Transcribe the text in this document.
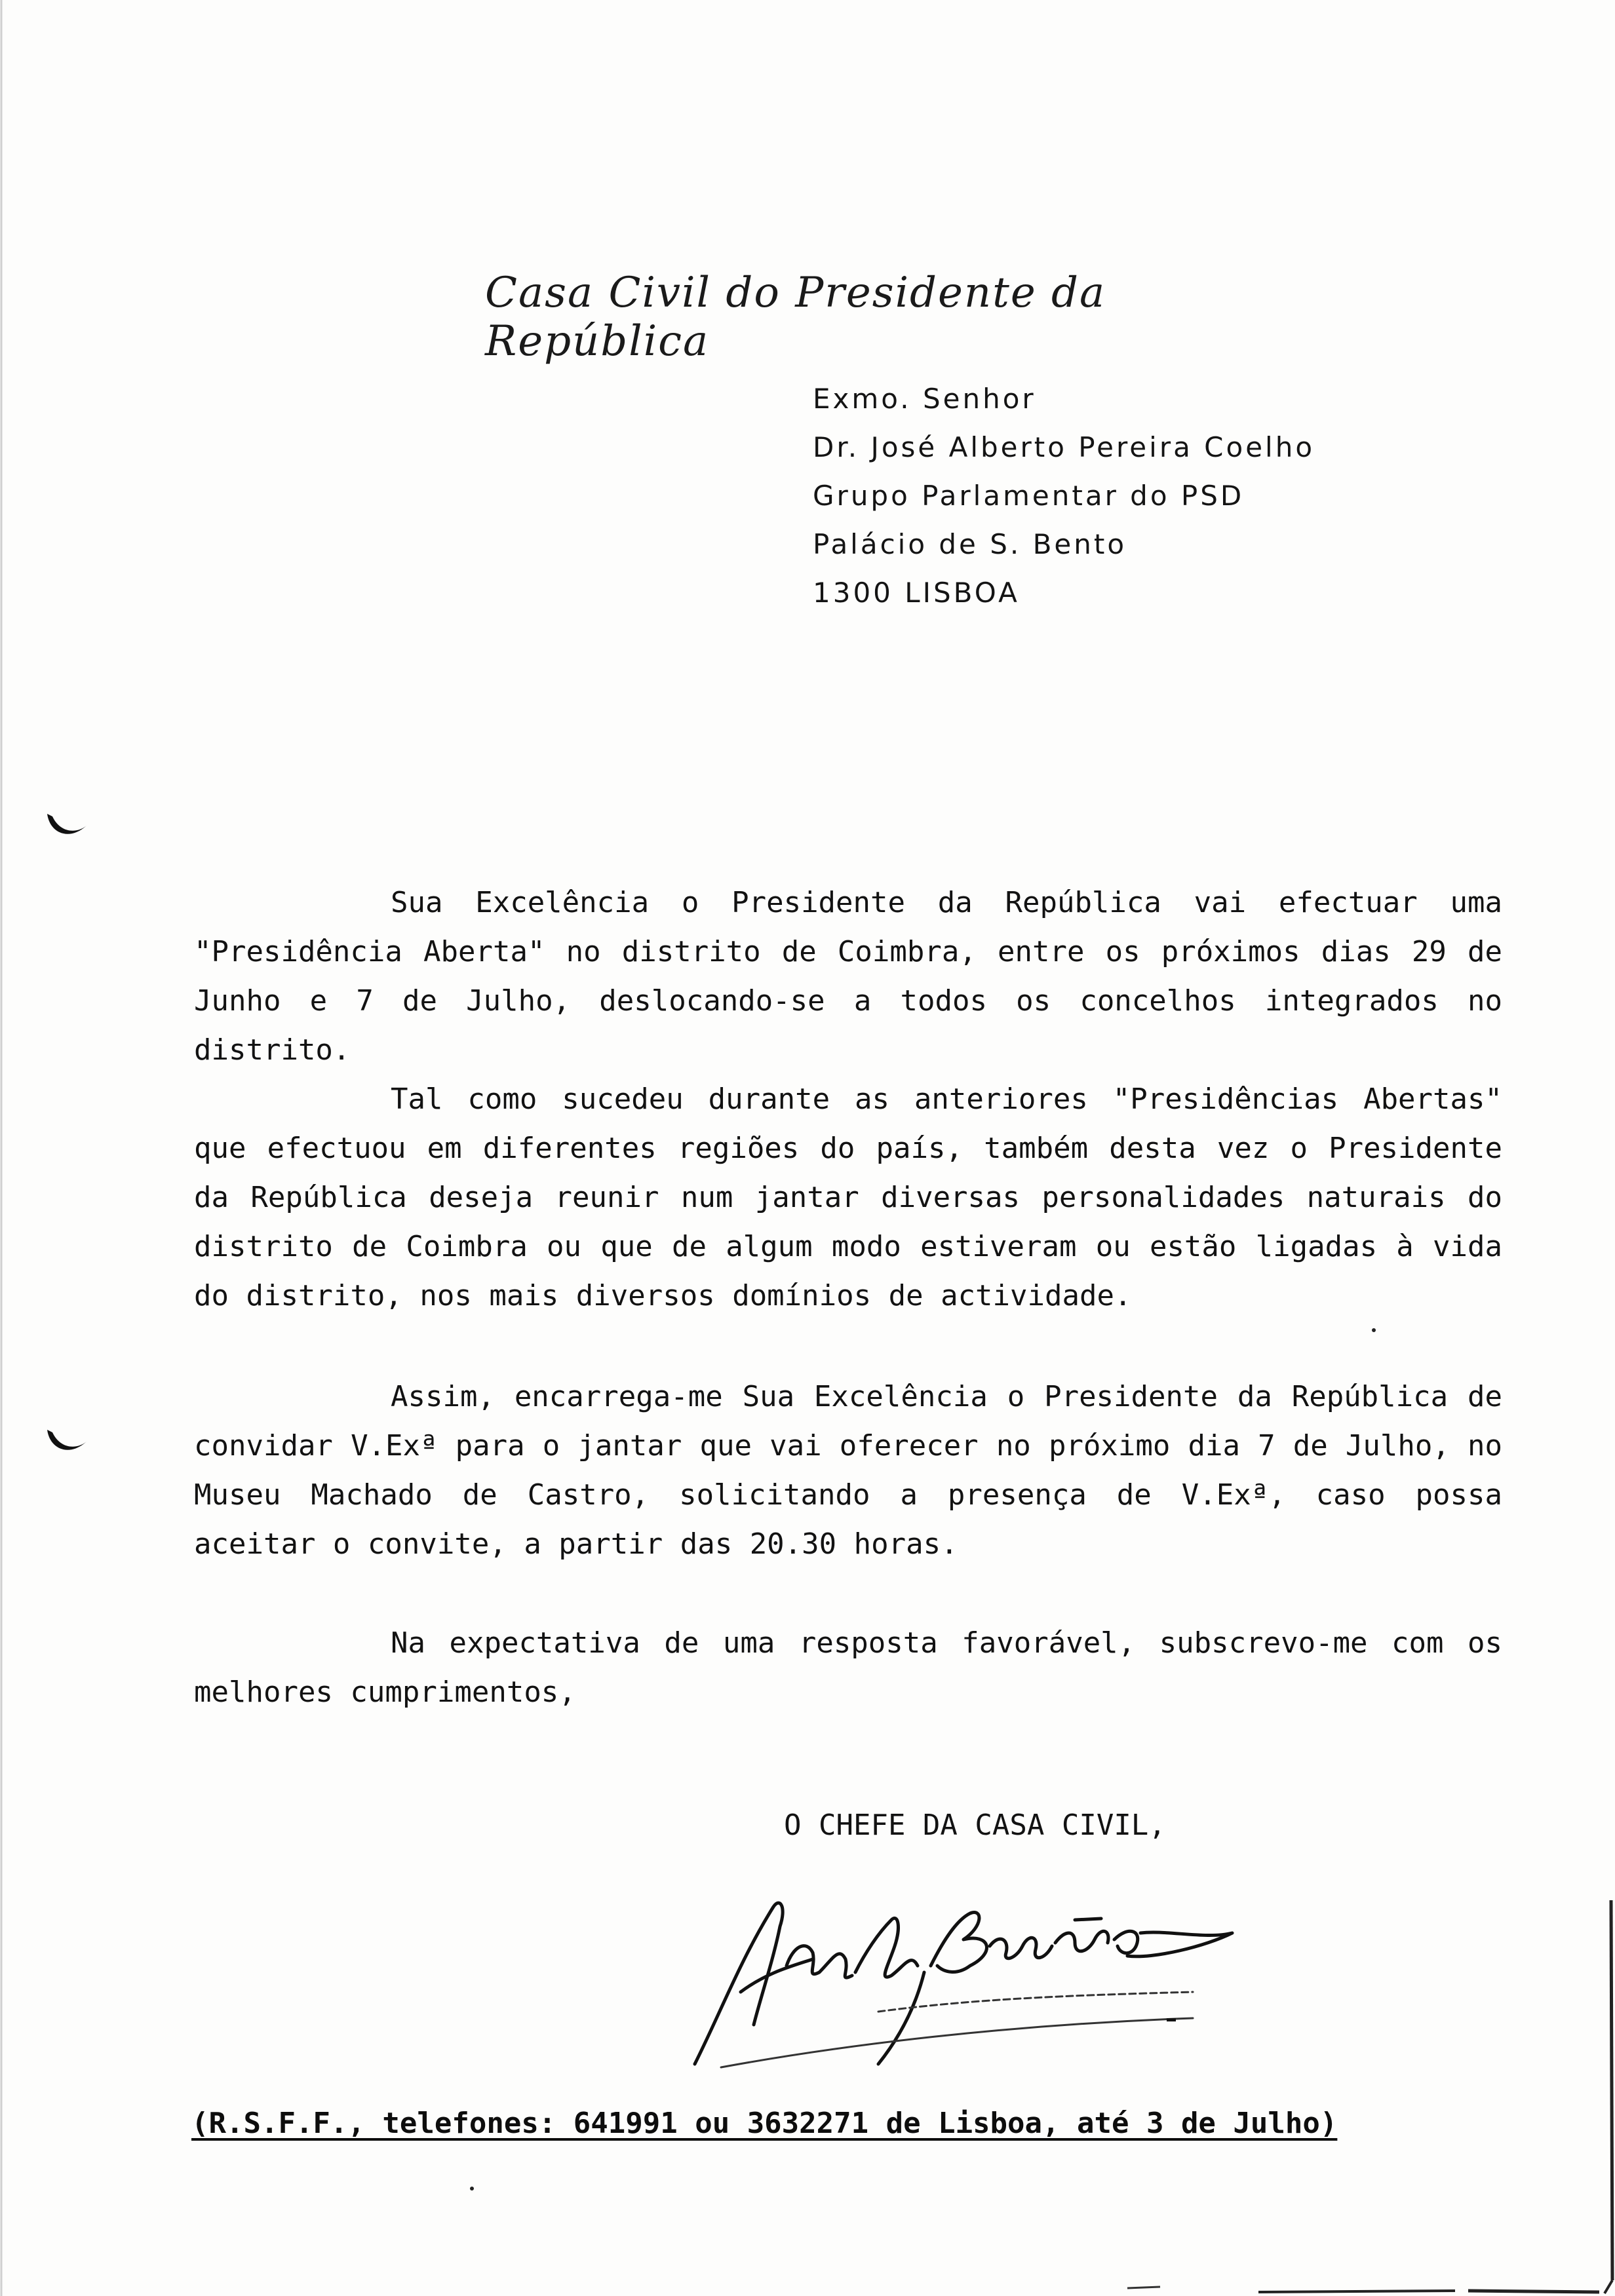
Casa Civil do Presidente da República
Exmo. Senhor
Dr. José Alberto Pereira Coelho
Grupo Parlamentar do PSD
Palácio de S. Bento
1300 LISBOA

Sua Excelência o Presidente da República vai efectuar uma "Presidência Aberta" no distrito de Coimbra, entre os próximos dias 29 de Junho e 7 de Julho, deslocando-se a todos os concelhos integrados no distrito.

Tal como sucedeu durante as anteriores "Presidências Abertas" que efectuou em diferentes regiões do país, também desta vez o Presidente da República deseja reunir num jantar diversas personalidades naturais do distrito de Coimbra ou que de algum modo estiveram ou estão ligadas à vida do distrito, nos mais diversos domínios de actividade.

Assim, encarrega-me Sua Excelência o Presidente da República de convidar V.Exª para o jantar que vai oferecer no próximo dia 7 de Julho, no Museu Machado de Castro, solicitando a presença de V.Exª, caso possa aceitar o convite, a partir das 20.30 horas.

Na expectativa de uma resposta favorável, subscrevo-me com os melhores cumprimentos,

O CHEFE DA CASA CIVIL,
(R.S.F.F., telefones: 641991 ou 3632271 de Lisboa, até 3 de Julho)
